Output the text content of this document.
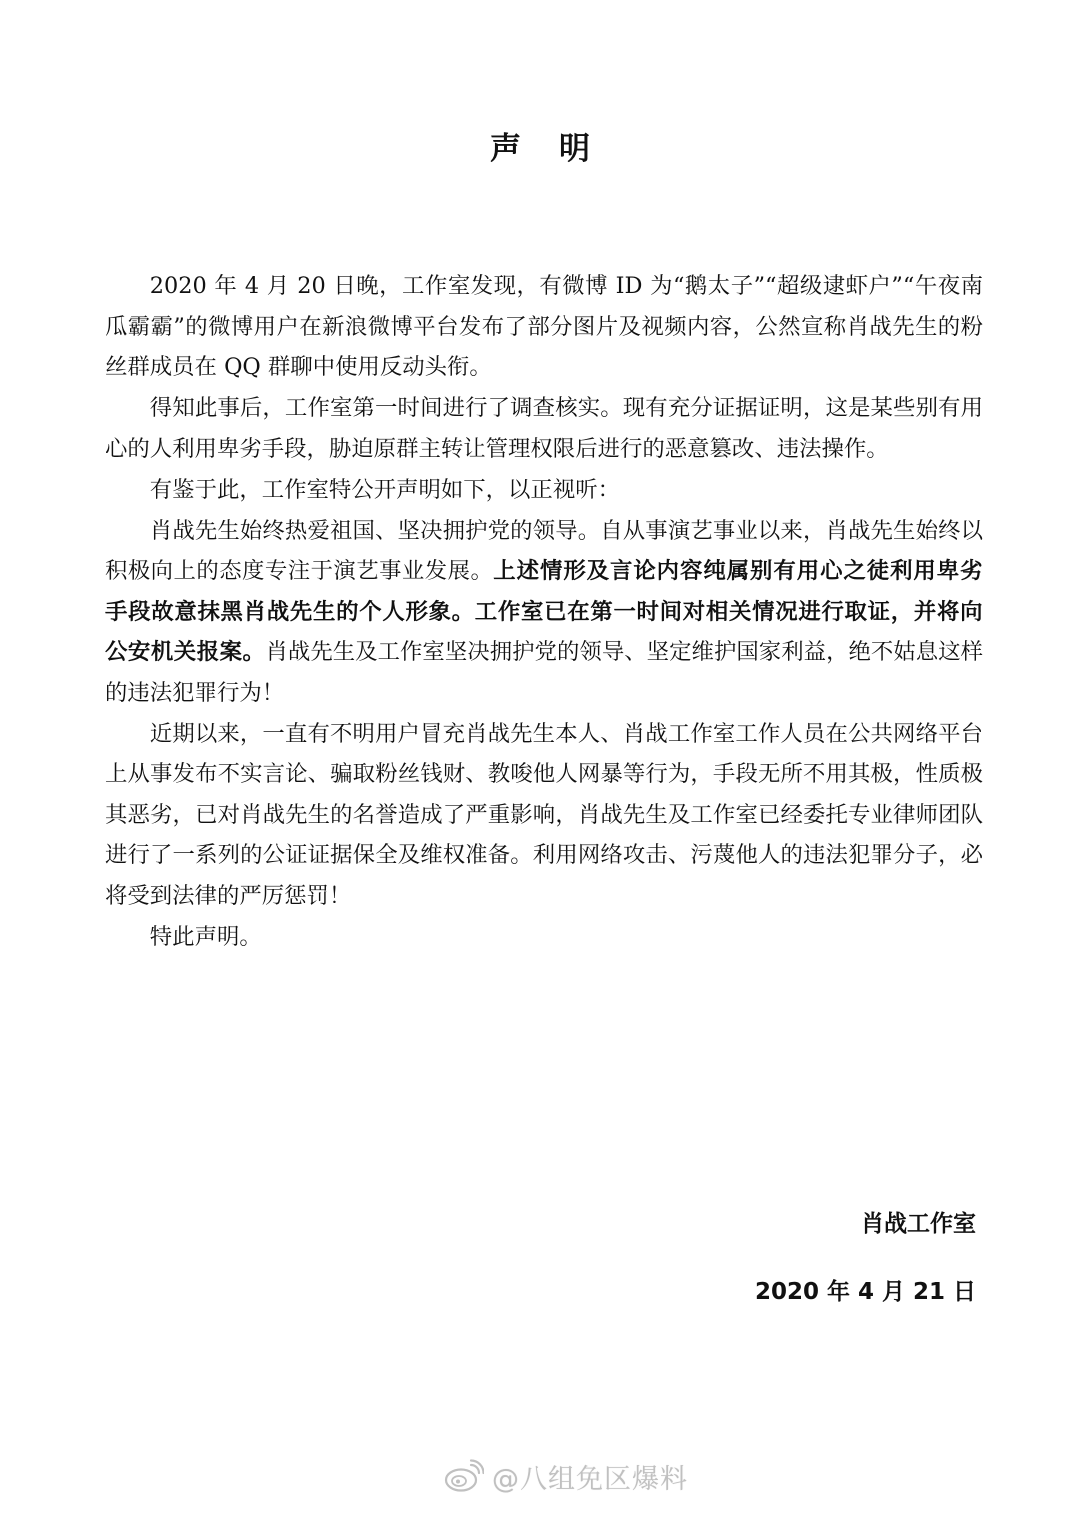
声明

2020 年 4 月 20 日晚，工作室发现，有微博 ID 为“鹅太子”“超级逮虾户”“午夜南瓜霸霸”的微博用户在新浪微博平台发布了部分图片及视频内容，公然宣称肖战先生的粉丝群成员在 QQ 群聊中使用反动头衔。

得知此事后，工作室第一时间进行了调查核实。现有充分证据证明，这是某些别有用心的人利用卑劣手段，胁迫原群主转让管理权限后进行的恶意篡改、违法操作。

有鉴于此，工作室特公开声明如下，以正视听：

肖战先生始终热爱祖国、坚决拥护党的领导。自从事演艺事业以来，肖战先生始终以积极向上的态度专注于演艺事业发展。上述情形及言论内容纯属别有用心之徒利用卑劣手段故意抹黑肖战先生的个人形象。工作室已在第一时间对相关情况进行取证，并将向公安机关报案。肖战先生及工作室坚决拥护党的领导、坚定维护国家利益，绝不姑息这样的违法犯罪行为！

近期以来，一直有不明用户冒充肖战先生本人、肖战工作室工作人员在公共网络平台上从事发布不实言论、骗取粉丝钱财、教唆他人网暴等行为，手段无所不用其极，性质极其恶劣，已对肖战先生的名誉造成了严重影响，肖战先生及工作室已经委托专业律师团队进行了一系列的公证证据保全及维权准备。利用网络攻击、污蔑他人的违法犯罪分子，必将受到法律的严厉惩罚！

特此声明。

肖战工作室
2020 年 4 月 21 日
@八组免区爆料
